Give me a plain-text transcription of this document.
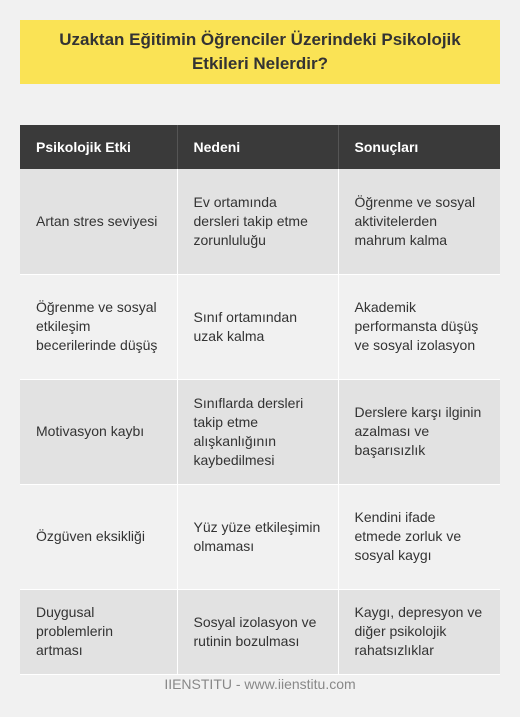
Uzaktan Eğitimin Öğrenciler Üzerindeki Psikolojik Etkileri Nelerdir?
Psikolojik Etki	Nedeni	Sonuçları
Artan stres seviyesi	Ev ortamında dersleri takip etme zorunluluğu	Öğrenme ve sosyal aktivitelerden mahrum kalma
Öğrenme ve sosyal etkileşim becerilerinde düşüş	Sınıf ortamından uzak kalma	Akademik performansta düşüş ve sosyal izolasyon
Motivasyon kaybı	Sınıflarda dersleri takip etme alışkanlığının kaybedilmesi	Derslere karşı ilginin azalması ve başarısızlık
Özgüven eksikliği	Yüz yüze etkileşimin olmaması	Kendini ifade etmede zorluk ve sosyal kaygı
Duygusal problemlerin artması	Sosyal izolasyon ve rutinin bozulması	Kaygı, depresyon ve diğer psikolojik rahatsızlıklar
IIENSTITU - www.iienstitu.com
